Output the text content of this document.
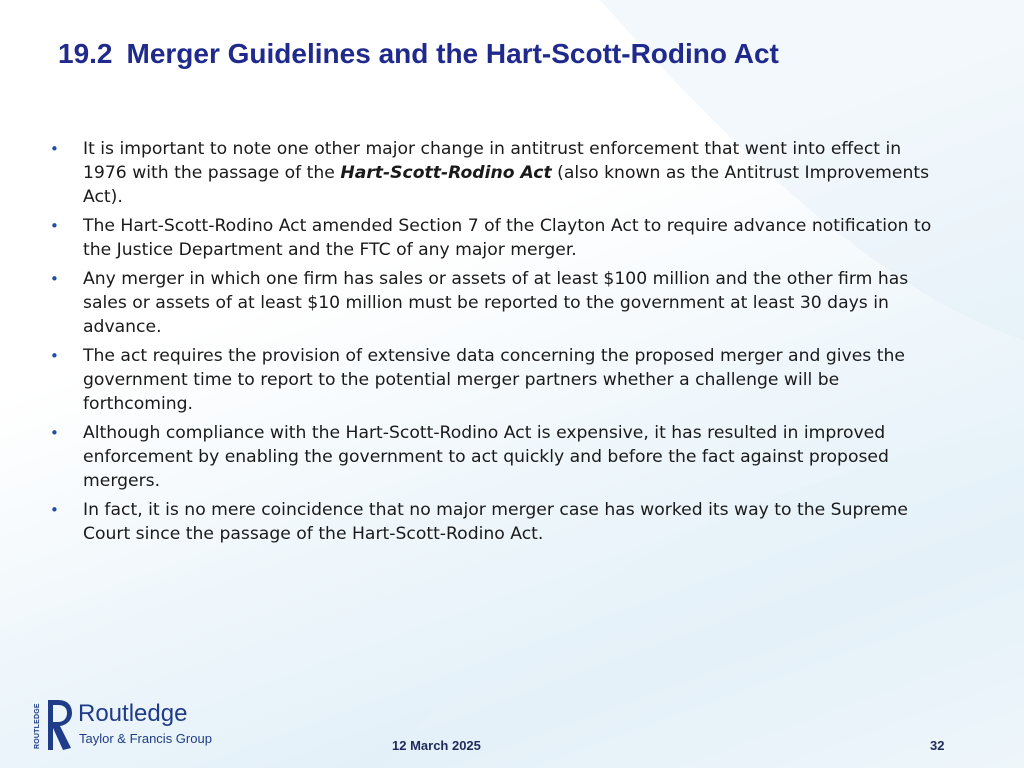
19.2 Merger Guidelines and the Hart-Scott-Rodino Act
• It is important to note one other major change in antitrust enforcement that went into effect in 1976 with the passage of the Hart-Scott-Rodino Act (also known as the Antitrust Improvements Act).
• The Hart-Scott-Rodino Act amended Section 7 of the Clayton Act to require advance notification to the Justice Department and the FTC of any major merger.
• Any merger in which one firm has sales or assets of at least $100 million and the other firm has sales or assets of at least $10 million must be reported to the government at least 30 days in advance.
• The act requires the provision of extensive data concerning the proposed merger and gives the government time to report to the potential merger partners whether a challenge will be forthcoming.
• Although compliance with the Hart-Scott-Rodino Act is expensive, it has resulted in improved enforcement by enabling the government to act quickly and before the fact against proposed mergers.
• In fact, it is no mere coincidence that no major merger case has worked its way to the Supreme Court since the passage of the Hart-Scott-Rodino Act.
ROUTLEDGE Routledge
Taylor & Francis Group	12 March 2025	32
